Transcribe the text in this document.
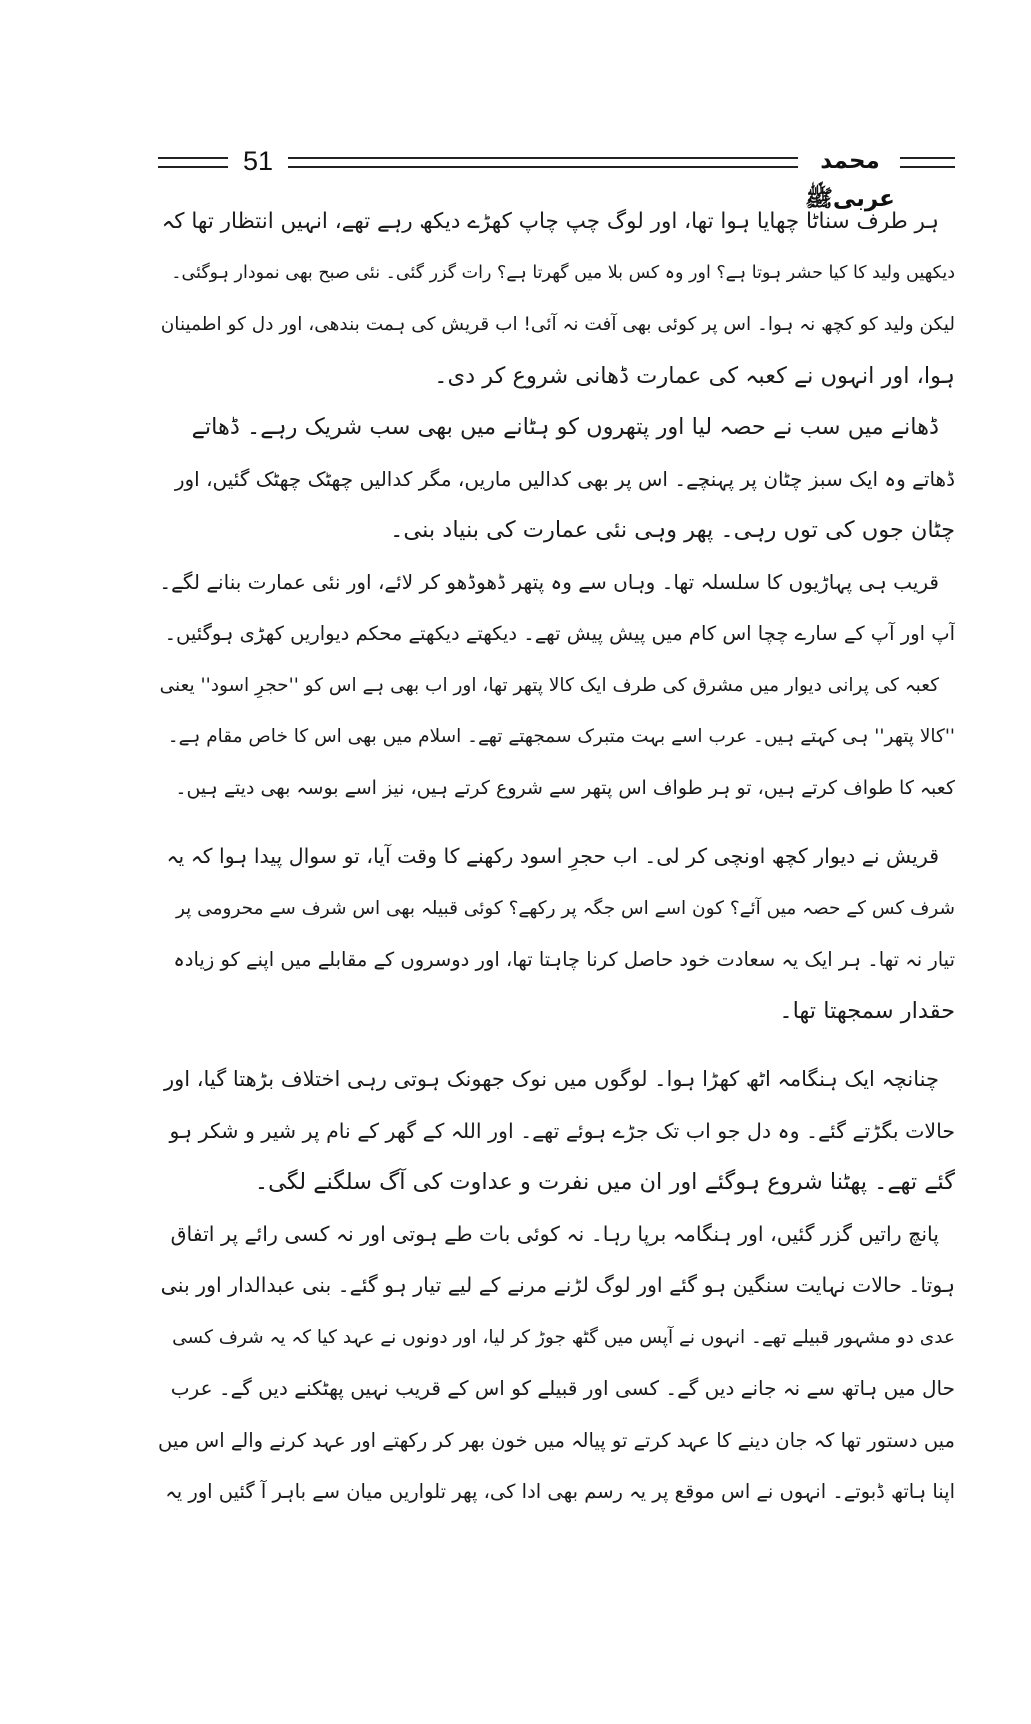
51	محمد عربیﷺ
ہر طرف سناٹا چھایا ہوا تھا، اور لوگ چپ چاپ کھڑے دیکھ رہے تھے، انہیں انتظار تھا کہ
دیکھیں ولید کا کیا حشر ہوتا ہے؟ اور وہ کس بلا میں گھرتا ہے؟ رات گزر گئی۔ نئی صبح بھی نمودار ہوگئی۔
لیکن ولید کو کچھ نہ ہوا۔ اس پر کوئی بھی آفت نہ آئی! اب قریش کی ہمت بندھی، اور دل کو اطمینان
ہوا، اور انہوں نے کعبہ کی عمارت ڈھانی شروع کر دی۔
ڈھانے میں سب نے حصہ لیا اور پتھروں کو ہٹانے میں بھی سب شریک رہے۔ ڈھاتے
ڈھاتے وہ ایک سبز چٹان پر پہنچے۔ اس پر بھی کدالیں ماریں، مگر کدالیں چھٹک چھٹک گئیں، اور
چٹان جوں کی توں رہی۔ پھر وہی نئی عمارت کی بنیاد بنی۔
قریب ہی پہاڑیوں کا سلسلہ تھا۔ وہاں سے وہ پتھر ڈھوڈھو کر لائے، اور نئی عمارت بنانے لگے۔
آپ اور آپ کے سارے چچا اس کام میں پیش پیش تھے۔ دیکھتے دیکھتے محکم دیواریں کھڑی ہوگئیں۔
کعبہ کی پرانی دیوار میں مشرق کی طرف ایک کالا پتھر تھا، اور اب بھی ہے اس کو ''حجرِ اسود'' یعنی
''کالا پتھر'' ہی کہتے ہیں۔ عرب اسے بہت متبرک سمجھتے تھے۔ اسلام میں بھی اس کا خاص مقام ہے۔
کعبہ کا طواف کرتے ہیں، تو ہر طواف اس پتھر سے شروع کرتے ہیں، نیز اسے بوسہ بھی دیتے ہیں۔
قریش نے دیوار کچھ اونچی کر لی۔ اب حجرِ اسود رکھنے کا وقت آیا، تو سوال پیدا ہوا کہ یہ
شرف کس کے حصہ میں آئے؟ کون اسے اس جگہ پر رکھے؟ کوئی قبیلہ بھی اس شرف سے محرومی پر
تیار نہ تھا۔ ہر ایک یہ سعادت خود حاصل کرنا چاہتا تھا، اور دوسروں کے مقابلے میں اپنے کو زیادہ
حقدار سمجھتا تھا۔
چنانچہ ایک ہنگامہ اٹھ کھڑا ہوا۔ لوگوں میں نوک جھونک ہوتی رہی اختلاف بڑھتا گیا، اور
حالات بگڑتے گئے۔ وہ دل جو اب تک جڑے ہوئے تھے۔ اور اللہ کے گھر کے نام پر شیر و شکر ہو
گئے تھے۔ پھٹنا شروع ہوگئے اور ان میں نفرت و عداوت کی آگ سلگنے لگی۔
پانچ راتیں گزر گئیں، اور ہنگامہ برپا رہا۔ نہ کوئی بات طے ہوتی اور نہ کسی رائے پر اتفاق
ہوتا۔ حالات نہایت سنگین ہو گئے اور لوگ لڑنے مرنے کے لیے تیار ہو گئے۔ بنی عبدالدار اور بنی
عدی دو مشہور قبیلے تھے۔ انہوں نے آپس میں گٹھ جوڑ کر لیا، اور دونوں نے عہد کیا کہ یہ شرف کسی
حال میں ہاتھ سے نہ جانے دیں گے۔ کسی اور قبیلے کو اس کے قریب نہیں پھٹکنے دیں گے۔ عرب
میں دستور تھا کہ جان دینے کا عہد کرتے تو پیالہ میں خون بھر کر رکھتے اور عہد کرنے والے اس میں
اپنا ہاتھ ڈبوتے۔ انہوں نے اس موقع پر یہ رسم بھی ادا کی، پھر تلواریں میان سے باہر آ گئیں اور یہ
